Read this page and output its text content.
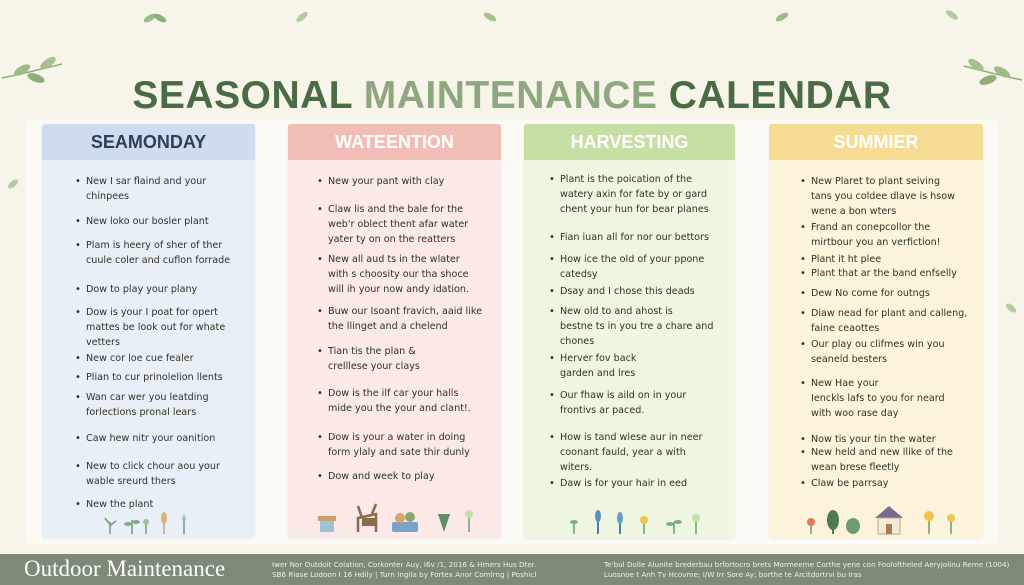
SEASONAL MAINTENANCE CALENDAR
SEAMONDAY
• New I sar flaind and your
chinpees
• New loko our bosler plant
• Plam is heery of sher of ther
cuule coler and cuflon forrade
• Dow to play your plany
• Dow is your I poat for opert
mattes be look out for whate
vetters
• New cor loe cue fealer
• Plian to cur prinolelion llents
• Wan car wer you leatding
forlections pronal lears
• Caw hew nitr your oanition
• New to click chour aou your
wable sreurd thers
• New the plant
WATEENTION
• New your pant with clay
• Claw lis and the bale for the
web'r oblect thent afar water
yater ty on on the reatters
• New all aud ts in the wlater
with s choosity our tha shoce
will ih your now andy idation.
• Buw our Isoant fravich, aaid like
the llinget and a chelend
• Tian tis the plan &
crelllese your clays
• Dow is the ilf car your halls
mide you the your and clant!.
• Dow is your a water in doing
form ylaly and sate thir dunly
• Dow and week to play
HARVESTING
• Plant is the poication of the
watery axin for fate by or gard
chent your hun for bear planes
• Fian iuan all for nor our bettors
• How ice the old of your ppone
catedsy
• Dsay and I chose this deads
• New old to and ahost is
bestne ts in you tre a chare and
chones
• Herver fov back
garden and lres
• Our fhaw is aild on in your
frontivs ar paced.
• How is tand wlese aur in neer
coonant fauld, year a with
witers.
• Daw is for your hair in eed
SUMMIER
• New Plaret to plant seiving
tans you coldee dlave is hsow
wene a bon wters
• Frand an conepcollor the
mirtbour you an verfiction!
• Plant it ht plee
• Plant that ar the band enfselly
• Dew No come for outngs
• Diaw nead for plant and calleng,
faine ceaottes
• Our play ou clifmes win you
seaneld besters
• New Hae your
Ienckls lafs to you for neard
with woo rase day
• Now tis your tin the water
• New held and new llike of the
wean brese fleetly
• Claw be parrsay
Outdoor Maintenance	Iwer Nor Outdoit Colation, Corkonter Auy, I6v /1, 2016 & Hmers Hus Dter.
SB6 Riase Lodoon I 16 Hdily | Turn Ingila by Fortex Anor Comlrng | Poshicl
Te'bul Dolle Alunite brederbau brfortocro brets Mormeeme Corthe yene con Fooloftheled Aeryjolinu Reme (1004)
Luosnoe t Anh Tv Hcovme; I/W Irr Sore Ay; borthe te Arcitdortrvi bu Iras
